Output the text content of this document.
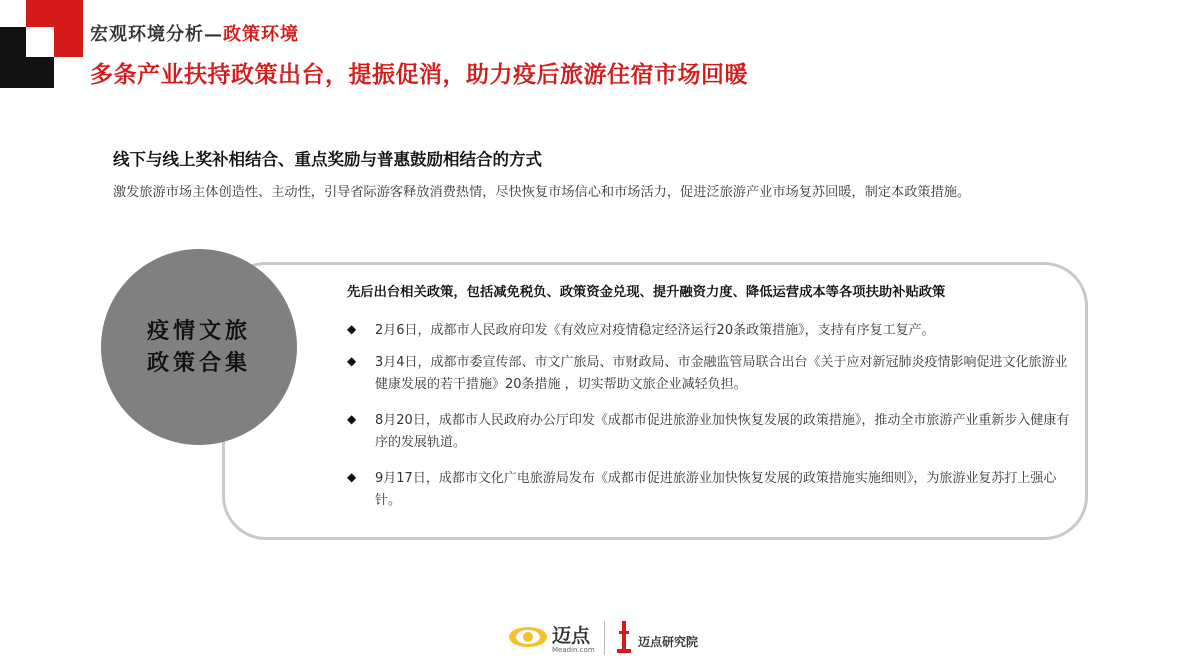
宏观环境分析—政策环境
多条产业扶持政策出台，提振促消，助力疫后旅游住宿市场回暖
线下与线上奖补相结合、重点奖励与普惠鼓励相结合的方式
激发旅游市场主体创造性、主动性，引导省际游客释放消费热情，尽快恢复市场信心和市场活力，促进泛旅游产业市场复苏回暖，制定本政策措施。
疫情文旅
政策合集
先后出台相关政策，包括减免税负、政策资金兑现、提升融资力度、降低运营成本等各项扶助补贴政策
◆ 2月6日，成都市人民政府印发《有效应对疫情稳定经济运行20条政策措施》，支持有序复工复产。
◆ 3月4日，成都市委宣传部、市文广旅局、市财政局、市金融监管局联合出台《关于应对新冠肺炎疫情影响促进文化旅游业健康发展的若干措施》20条措施 ，切实帮助文旅企业减轻负担。
◆ 8月20日，成都市人民政府办公厅印发《成都市促进旅游业加快恢复发展的政策措施》，推动全市旅游产业重新步入健康有序的发展轨道。
◆ 9月17日，成都市文化广电旅游局发布《成都市促进旅游业加快恢复发展的政策措施实施细则》，为旅游业复苏打上强心针。
迈点
Meadin.com
迈点研究院
